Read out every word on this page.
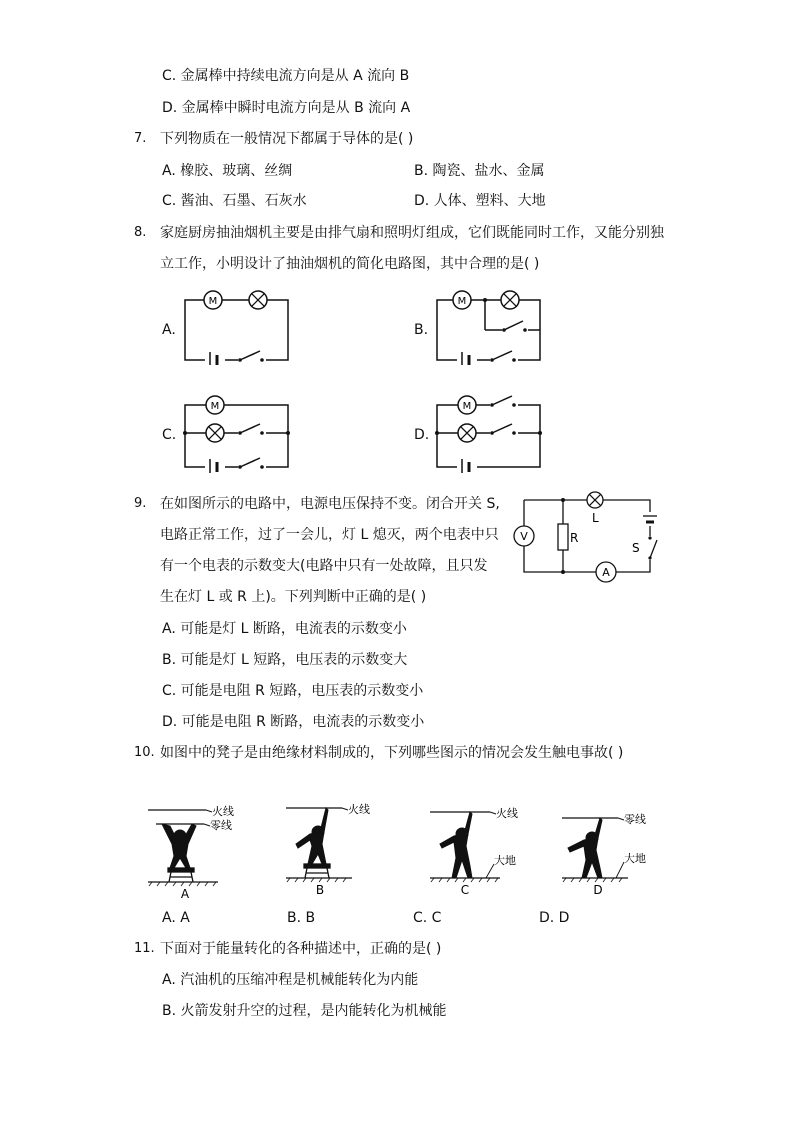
C. 金属棒中持续电流方向是从 A 流向 B
D. 金属棒中瞬时电流方向是从 B 流向 A
7. 下列物质在一般情况下都属于导体的是( )
A. 橡胶、玻璃、丝绸	B. 陶瓷、盐水、金属
C. 酱油、石墨、石灰水	D. 人体、塑料、大地
8. 家庭厨房抽油烟机主要是由排气扇和照明灯组成，它们既能同时工作，又能分别独
立工作，小明设计了抽油烟机的简化电路图，其中合理的是( )
A.	B.
C.	D.
M	M
M	M
9. 在如图所示的电路中，电源电压保持不变。闭合开关 S,
电路正常工作，过了一会儿，灯 L 熄灭，两个电表中只
有一个电表的示数变大(电路中只有一处故障，且只发
生在灯 L 或 R 上)。下列判断中正确的是( )
V	R
L
S
A
A. 可能是灯 L 断路，电流表的示数变小
B. 可能是灯 L 短路，电压表的示数变大
C. 可能是电阻 R 短路，电压表的示数变小
D. 可能是电阻 R 断路，电流表的示数变小
10. 如图中的凳子是由绝缘材料制成的，下列哪些图示的情况会发生触电事故( )
火线
零线
A
火线
B
火线
大地
C
零线
大地
D
A. A	B. B	C. C	D. D
11. 下面对于能量转化的各种描述中，正确的是( )
A. 汽油机的压缩冲程是机械能转化为内能
B. 火箭发射升空的过程，是内能转化为机械能
